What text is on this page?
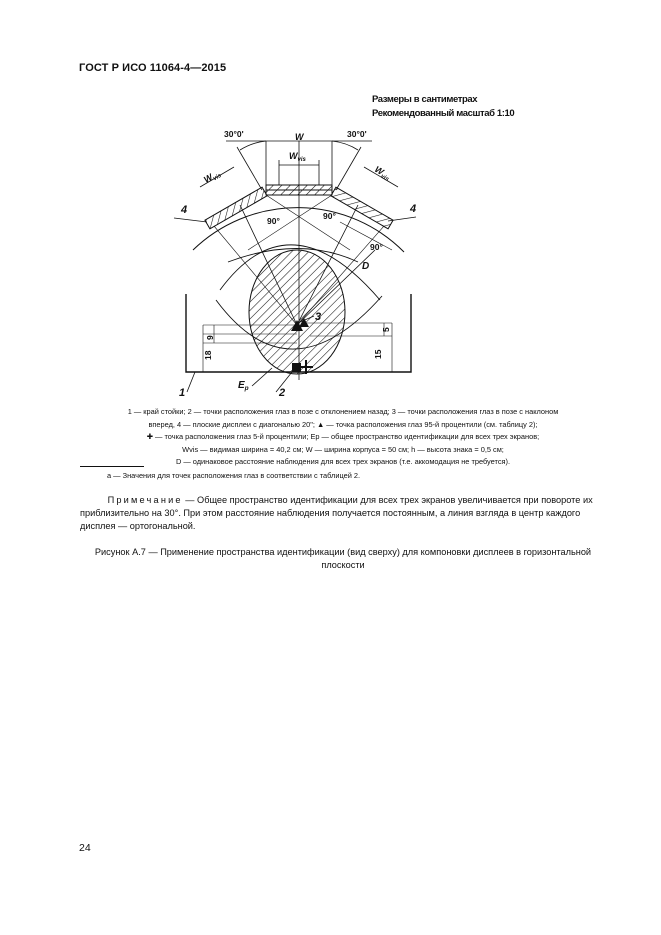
ГОСТ Р ИСО 11064-4—2015
Размеры в сантиметрах
Рекомендованный масштаб 1:10
30°0'	30°0'
W
$W_{vis}$
$W_{vis}$
$W_{vis}$
4	4
90°	90°
90°
D
3
2
1
$E_p$
9
18
5
15
1 — край стойки; 2 — точки расположения глаз в позе с отклонением назад; 3 — точки расположения глаз в позе с наклоном
вперед, 4 — плоские дисплеи с диагональю 20"; ▲ — точка расположения глаз 95-й процентили (см. таблицу 2);
✚ — точка расположения глаз 5-й процентили; Ep — общее пространство идентификации для всех трех экранов;
Wvis — видимая ширина = 40,2 см; W — ширина корпуса = 50 см; h — высота знака = 0,5 см;
D — одинаковое расстояние наблюдения для всех трех экранов (т.е. аккомодация не требуется).
a — Значения для точек расположения глаз в соответствии с таблицей 2.
   Примечание — Общее пространство идентификации для всех трех экранов увеличивается при повороте их приблизительно на 30°. При этом расстояние наблюдения получается постоянным, а линия взгляда в центр каждого дисплея — ортогональной.
Рисунок А.7 — Применение пространства идентификации (вид сверху) для компоновки дисплеев в горизонтальной плоскости
24
